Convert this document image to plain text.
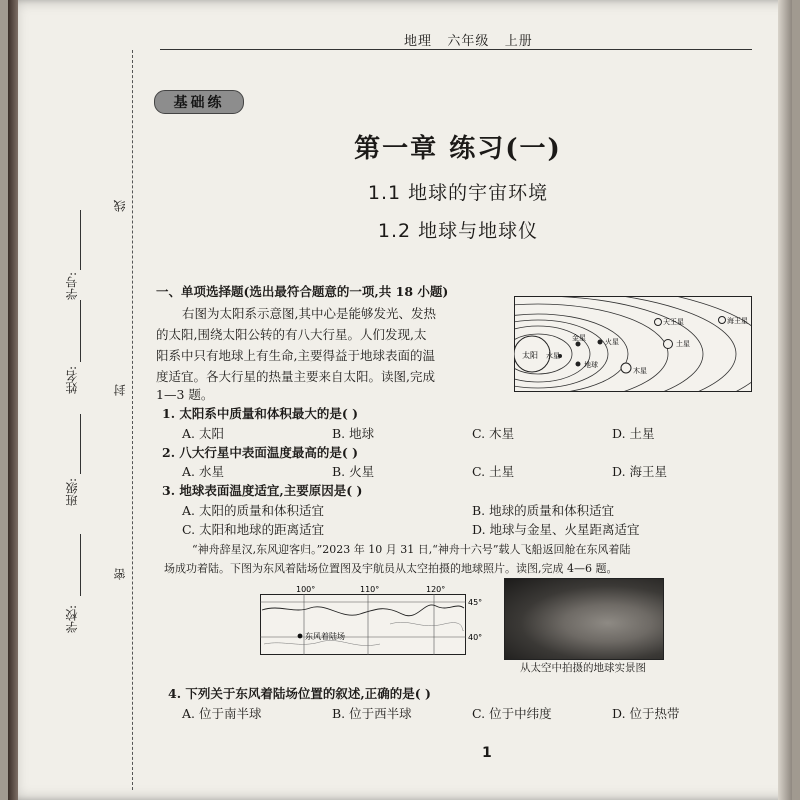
地理   六年级   上册
学号:
线
姓名:	封
班级:
密
学校:
基础练
第一章 练习(一)
1.1 地球的宇宙环境
1.2 地球与地球仪
一、单项选择题(选出最符合题意的一项,共 18 小题)
右图为太阳系示意图,其中心是能够发光、发热
的太阳,围绕太阳公转的有八大行星。人们发现,太
阳系中只有地球上有生命,主要得益于地球表面的温
度适宜。各大行星的热量主要来自太阳。读图,完成
1—3 题。
太阳 水星
金星
地球
火星
木星
土星
天王星	海王星
1. 太阳系中质量和体积最大的是( )
A. 太阳	B. 地球	C. 木星	D. 土星
2. 八大行星中表面温度最高的是( )
A. 水星	B. 火星	C. 土星	D. 海王星
3. 地球表面温度适宜,主要原因是( )
A. 太阳的质量和体积适宜	B. 地球的质量和体积适宜
C. 太阳和地球的距离适宜	D. 地球与金星、火星距离适宜
“神舟辞星汉,东风迎客归。”2023 年 10 月 31 日,“神舟十六号”载人飞船返回舱在东风着陆
场成功着陆。下图为东风着陆场位置图及宇航员从太空拍摄的地球照片。读图,完成 4—6 题。
100°	110°	120°
45°
40°
东风着陆场
从太空中拍摄的地球实景图
4. 下列关于东风着陆场位置的叙述,正确的是( )
A. 位于南半球	B. 位于西半球	C. 位于中纬度	D. 位于热带
1
